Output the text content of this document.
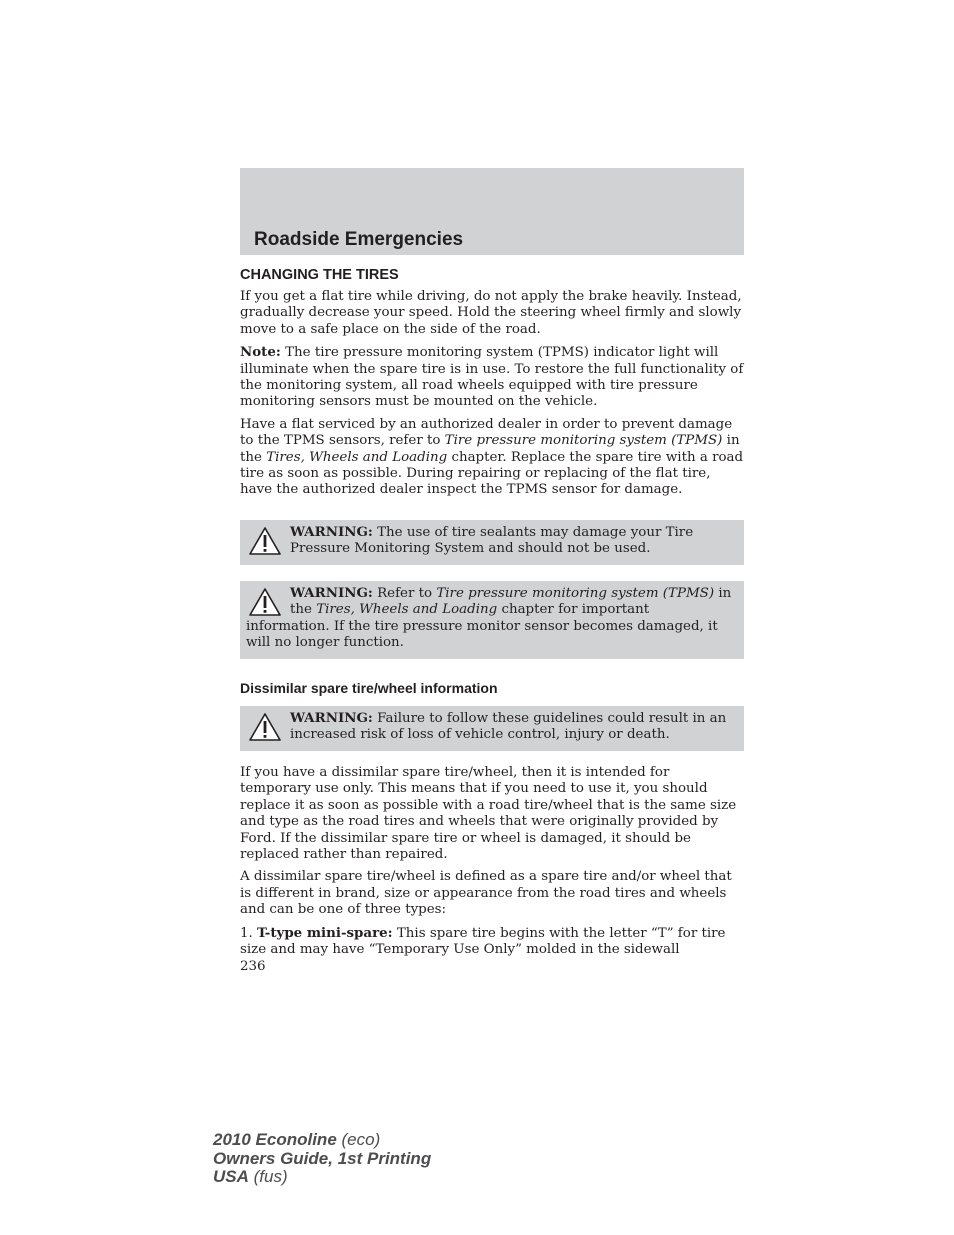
Roadside Emergencies
CHANGING THE TIRES

If you get a flat tire while driving, do not apply the brake heavily. Instead, gradually decrease your speed. Hold the steering wheel firmly and slowly move to a safe place on the side of the road.

Note: The tire pressure monitoring system (TPMS) indicator light will illuminate when the spare tire is in use. To restore the full functionality of the monitoring system, all road wheels equipped with tire pressure monitoring sensors must be mounted on the vehicle.

Have a flat serviced by an authorized dealer in order to prevent damage to the TPMS sensors, refer to Tire pressure monitoring system (TPMS) in the Tires, Wheels and Loading chapter. Replace the spare tire with a road tire as soon as possible. During repairing or replacing of the flat tire, have the authorized dealer inspect the TPMS sensor for damage.

WARNING: The use of tire sealants may damage your Tire Pressure Monitoring System and should not be used.

WARNING: Refer to Tire pressure monitoring system (TPMS) in the Tires, Wheels and Loading chapter for important information. If the tire pressure monitor sensor becomes damaged, it will no longer function.

Dissimilar spare tire/wheel information

WARNING: Failure to follow these guidelines could result in an increased risk of loss of vehicle control, injury or death.

If you have a dissimilar spare tire/wheel, then it is intended for temporary use only. This means that if you need to use it, you should replace it as soon as possible with a road tire/wheel that is the same size and type as the road tires and wheels that were originally provided by Ford. If the dissimilar spare tire or wheel is damaged, it should be replaced rather than repaired.

A dissimilar spare tire/wheel is defined as a spare tire and/or wheel that is different in brand, size or appearance from the road tires and wheels and can be one of three types:

1. T-type mini-spare: This spare tire begins with the letter “T” for tire size and may have “Temporary Use Only” molded in the sidewall

236

2010 Econoline (eco)
Owners Guide, 1st Printing
USA (fus)
